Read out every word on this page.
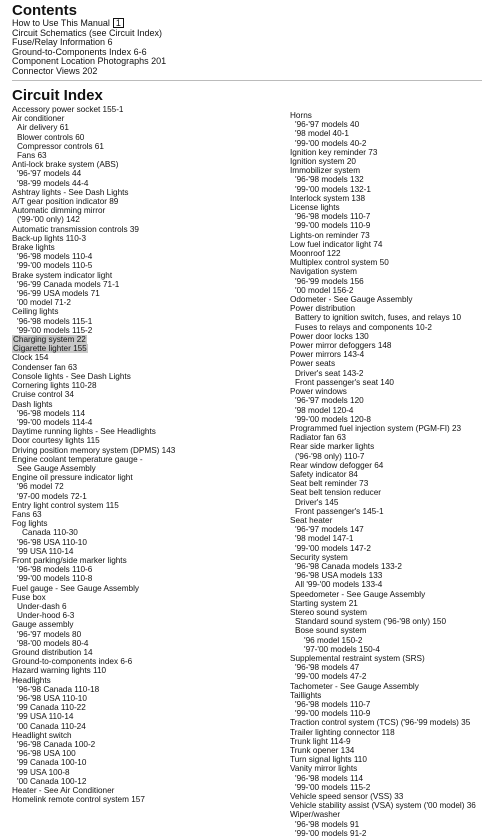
Contents
How to Use This Manual 1
Circuit Schematics (see Circuit Index)
Fuse/Relay Information 6
Ground-to-Components Index 6-6
Component Location Photographs 201
Connector Views 202
Circuit Index
Accessory power socket 155-1
Air conditioner
Air delivery 61
Blower controls 60
Compressor controls 61
Fans 63
Anti-lock brake system (ABS)
'96-'97 models 44
'98-'99 models 44-4
Ashtray lights - See Dash Lights
A/T gear position indicator 89
Automatic dimming mirror
('99-'00 only) 142
Automatic transmission controls 39
Back-up lights 110-3
Brake lights
'96-'98 models 110-4
'99-'00 models 110-5
Brake system indicator light
'96-'99 Canada models 71-1
'96-'99 USA models 71
'00 model 71-2
Ceiling lights
'96-'98 models 115-1
'99-'00 models 115-2
Charging system 22
Cigarette lighter 155
Clock 154
Condenser fan 63
Console lights - See Dash Lights
Cornering lights 110-28
Cruise control 34
Dash lights
'96-'98 models 114
'99-'00 models 114-4
Daytime running lights - See Headlights
Door courtesy lights 115
Driving position memory system (DPMS) 143
Engine coolant temperature gauge -
See Gauge Assembly
Engine oil pressure indicator light
'96 model 72
'97-00 models 72-1
Entry light control system 115
Fans 63
Fog lights
Canada 110-30
'96-'98 USA 110-10
'99 USA 110-14
Front parking/side marker lights
'96-'98 models 110-6
'99-'00 models 110-8
Fuel gauge - See Gauge Assembly
Fuse box
Under-dash 6
Under-hood 6-3
Gauge assembly
'96-'97 models 80
'98-'00 models 80-4
Ground distribution 14
Ground-to-components index 6-6
Hazard warning lights 110
Headlights
'96-'98 Canada 110-18
'96-'98 USA 110-10
'99 Canada 110-22
'99 USA 110-14
'00 Canada 110-24
Headlight switch
'96-'98 Canada 100-2
'96-'98 USA 100
'99 Canada 100-10
'99 USA 100-8
'00 Canada 100-12
Heater - See Air Conditioner
Homelink remote control system 157
Horns
'96-'97 models 40
'98 model 40-1
'99-'00 models 40-2
Ignition key reminder 73
Ignition system 20
Immobilizer system
'96-'98 models 132
'99-'00 models 132-1
Interlock system 138
License lights
'96-'98 models 110-7
'99-'00 models 110-9
Lights-on reminder 73
Low fuel indicator light 74
Moonroof 122
Multiplex control system 50
Navigation system
'96-'99 models 156
'00 model 156-2
Odometer - See Gauge Assembly
Power distribution
Battery to ignition switch, fuses, and relays 10
Fuses to relays and components 10-2
Power door locks 130
Power mirror defoggers 148
Power mirrors 143-4
Power seats
Driver's seat 143-2
Front passenger's seat 140
Power windows
'96-'97 models 120
'98 model 120-4
'99-'00 models 120-8
Programmed fuel injection system (PGM-FI) 23
Radiator fan 63
Rear side marker lights
('96-'98 only) 110-7
Rear window defogger 64
Safety indicator 84
Seat belt reminder 73
Seat belt tension reducer
Driver's 145
Front passenger's 145-1
Seat heater
'96-'97 models 147
'98 model 147-1
'99-'00 models 147-2
Security system
'96-'98 Canada models 133-2
'96-'98 USA models 133
All '99-'00 models 133-4
Speedometer - See Gauge Assembly
Starting system 21
Stereo sound system
Standard sound system ('96-'98 only) 150
Bose sound system
'96 model 150-2
'97-'00 models 150-4
Supplemental restraint system (SRS)
'96-'98 models 47
'99-'00 models 47-2
Tachometer - See Gauge Assembly
Taillights
'96-'98 models 110-7
'99-'00 models 110-9
Traction control system (TCS) ('96-'99 models) 35
Trailer lighting connector 118
Trunk light 114-9
Trunk opener 134
Turn signal lights 110
Vanity mirror lights
'96-'98 models 114
'99-'00 models 115-2
Vehicle speed sensor (VSS) 33
Vehicle stability assist (VSA) system ('00 model) 36
Wiper/washer
'96-'98 models 91
'99-'00 models 91-2
